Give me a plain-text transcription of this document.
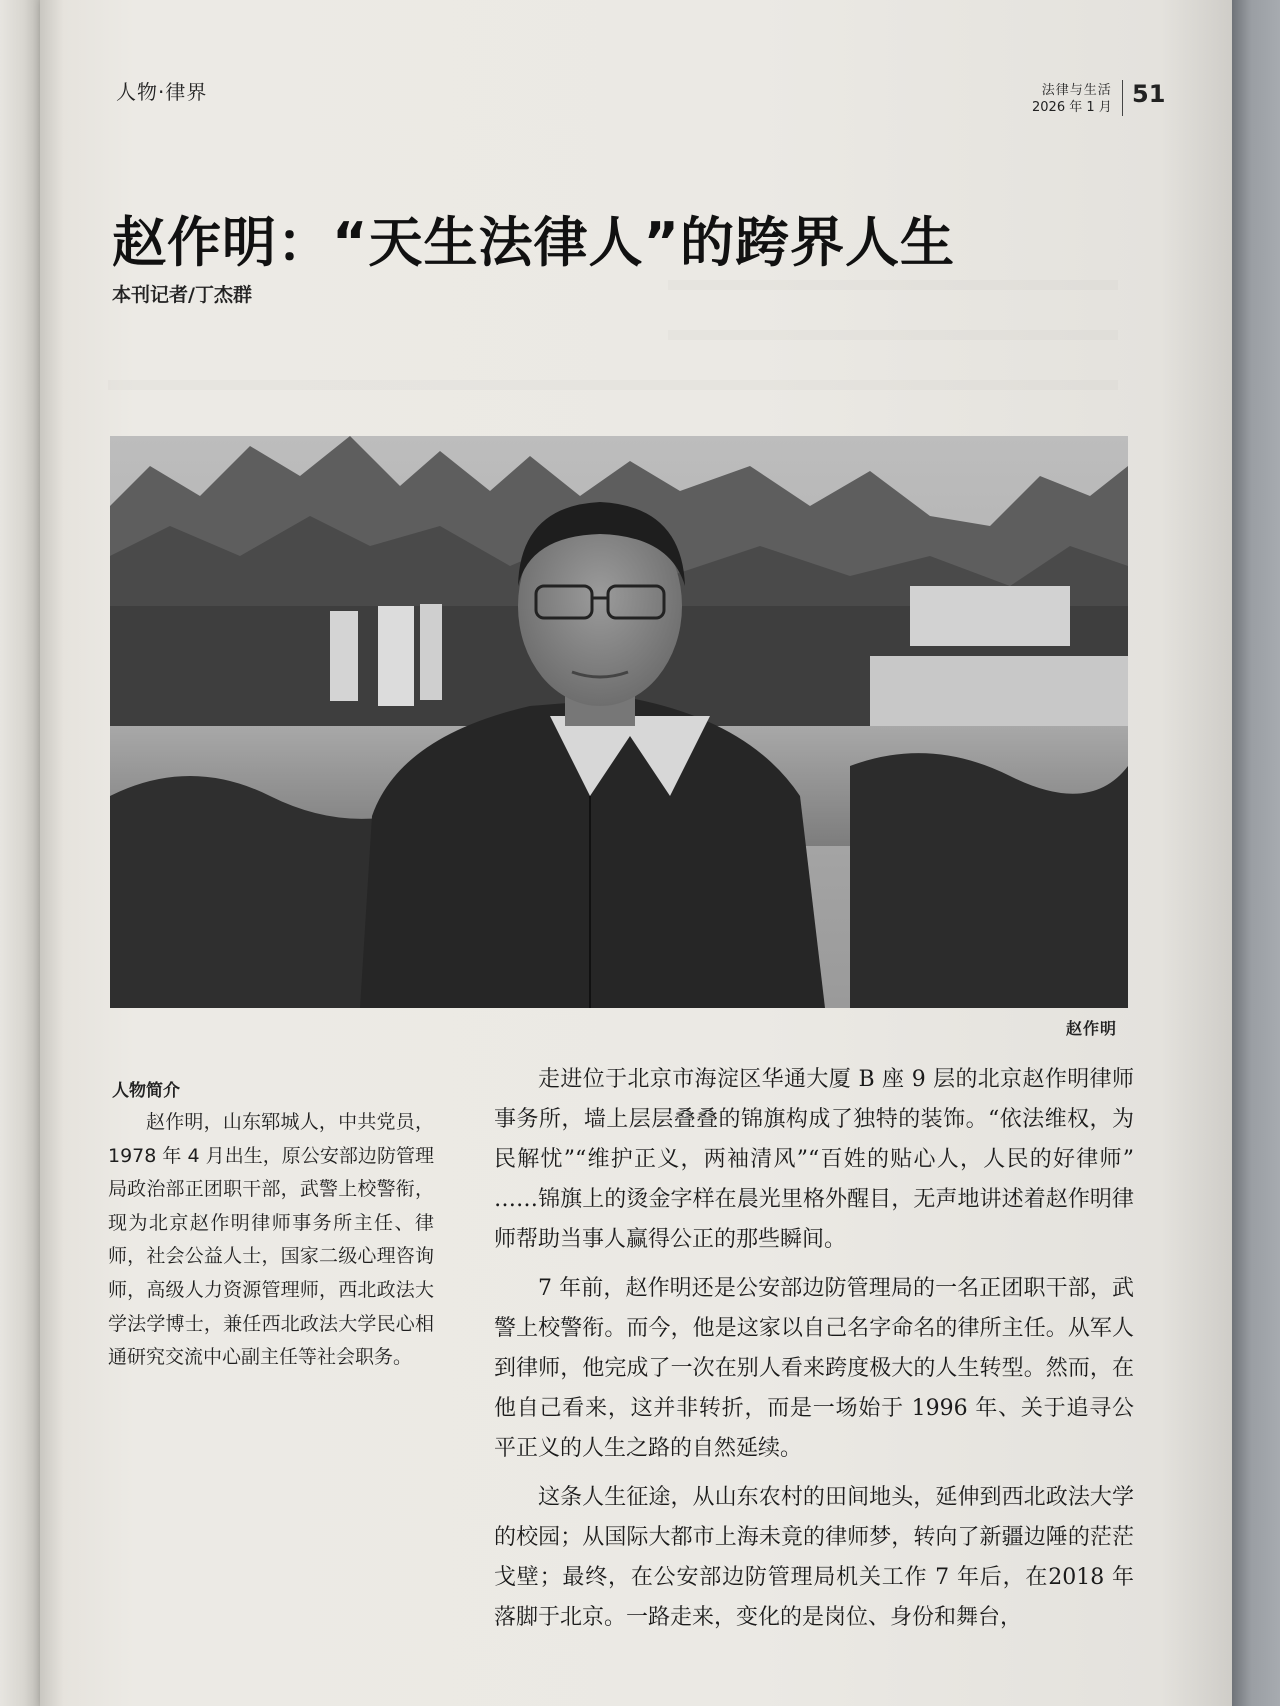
人物·律界	法律与生活
2026 年 1 月 51
赵作明：“天生法律人”的跨界人生
本刊记者/丁杰群
赵作明
人物简介
赵作明，山东郓城人，中共党员，1978 年 4 月出生，原公安部边防管理局政治部正团职干部，武警上校警衔，现为北京赵作明律师事务所主任、律师，社会公益人士，国家二级心理咨询师，高级人力资源管理师，西北政法大学法学博士，兼任西北政法大学民心相通研究交流中心副主任等社会职务。

走进位于北京市海淀区华通大厦 B 座 9 层的北京赵作明律师事务所，墙上层层叠叠的锦旗构成了独特的装饰。“依法维权，为民解忧”“维护正义，两袖清风”“百姓的贴心人，人民的好律师” ……锦旗上的烫金字样在晨光里格外醒目，无声地讲述着赵作明律师帮助当事人赢得公正的那些瞬间。

7 年前，赵作明还是公安部边防管理局的一名正团职干部，武警上校警衔。而今，他是这家以自己名字命名的律所主任。从军人到律师，他完成了一次在别人看来跨度极大的人生转型。然而，在他自己看来，这并非转折，而是一场始于 1996 年、关于追寻公平正义的人生之路的自然延续。

这条人生征途，从山东农村的田间地头，延伸到西北政法大学的校园；从国际大都市上海未竟的律师梦，转向了新疆边陲的茫茫戈壁；最终，在公安部边防管理局机关工作 7 年后，在2018 年落脚于北京。一路走来，变化的是岗位、身份和舞台，
